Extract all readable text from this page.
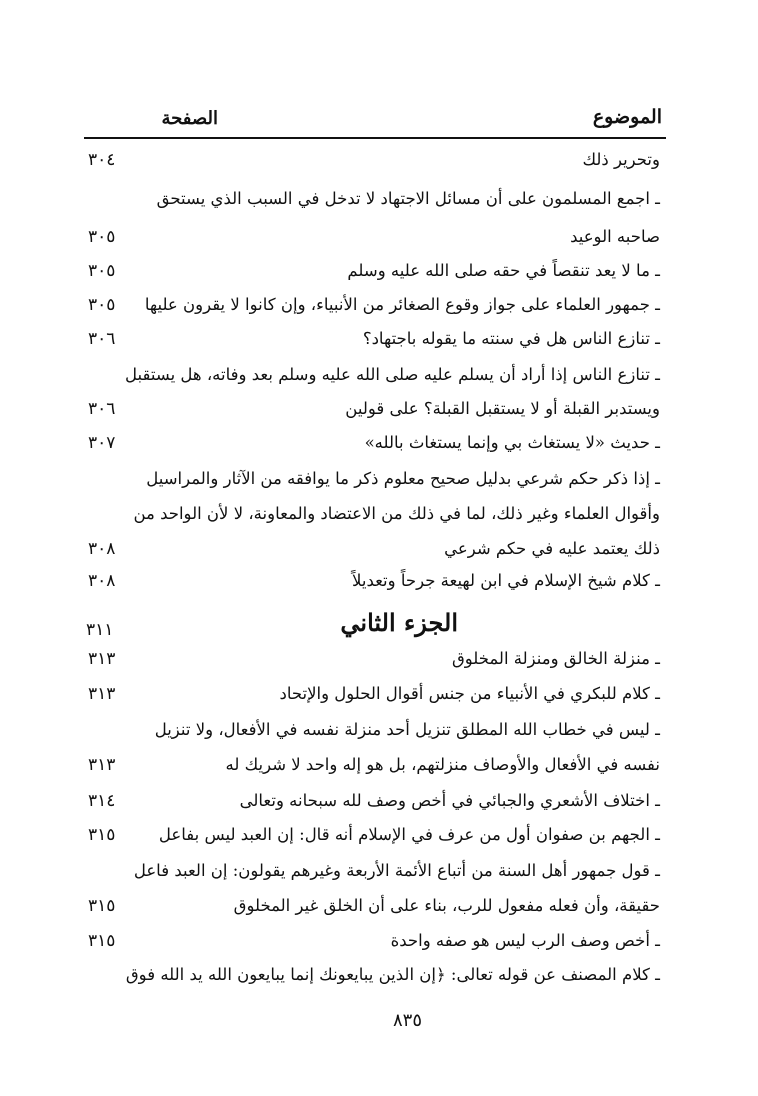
الموضوع
الصفحة
وتحرير ذلك
٣٠٤
ـ اجمع المسلمون على أن مسائل الاجتهاد لا تدخل في السبب الذي يستحق
صاحبه الوعيد
٣٠٥
ـ ما لا يعد تنقصاً في حقه صلى الله عليه وسلم
٣٠٥
ـ جمهور العلماء على جواز وقوع الصغائر من الأنبياء، وإن كانوا لا يقرون عليها
٣٠٥
ـ تنازع الناس هل في سنته ما يقوله باجتهاد؟
٣٠٦
ـ تنازع الناس إذا أراد أن يسلم عليه صلى الله عليه وسلم بعد وفاته، هل يستقبل
ويستدبر القبلة أو لا يستقبل القبلة؟ على قولين
٣٠٦
ـ حديث «لا يستغاث بي وإنما يستغاث بالله»
٣٠٧
ـ إذا ذكر حكم شرعي بدليل صحيح معلوم ذكر ما يوافقه من الآثار والمراسيل
وأقوال العلماء وغير ذلك، لما في ذلك من الاعتضاد والمعاونة، لا لأن الواحد من
ذلك يعتمد عليه في حكم شرعي
٣٠٨
ـ كلام شيخ الإسلام في ابن لهيعة جرحاً وتعديلاً
٣٠٨
الجزء الثاني
٣١١
ـ منزلة الخالق ومنزلة المخلوق
٣١٣
ـ كلام للبكري في الأنبياء من جنس أقوال الحلول والإتحاد
٣١٣
ـ ليس في خطاب الله المطلق تنزيل أحد منزلة نفسه في الأفعال، ولا تنزيل
نفسه في الأفعال والأوصاف منزلتهم، بل هو إله واحد لا شريك له
٣١٣
ـ اختلاف الأشعري والجبائي في أخص وصف لله سبحانه وتعالى
٣١٤
ـ الجهم بن صفوان أول من عرف في الإسلام أنه قال: إن العبد ليس بفاعل
٣١٥
ـ قول جمهور أهل السنة من أتباع الأئمة الأربعة وغيرهم يقولون: إن العبد فاعل
حقيقة، وأن فعله مفعول للرب، بناء على أن الخلق غير المخلوق
٣١٥
ـ أخص وصف الرب ليس هو صفه واحدة
٣١٥
ـ كلام المصنف عن قوله تعالى: ﴿إن الذين يبايعونك إنما يبايعون الله يد الله فوق
٨٣٥
